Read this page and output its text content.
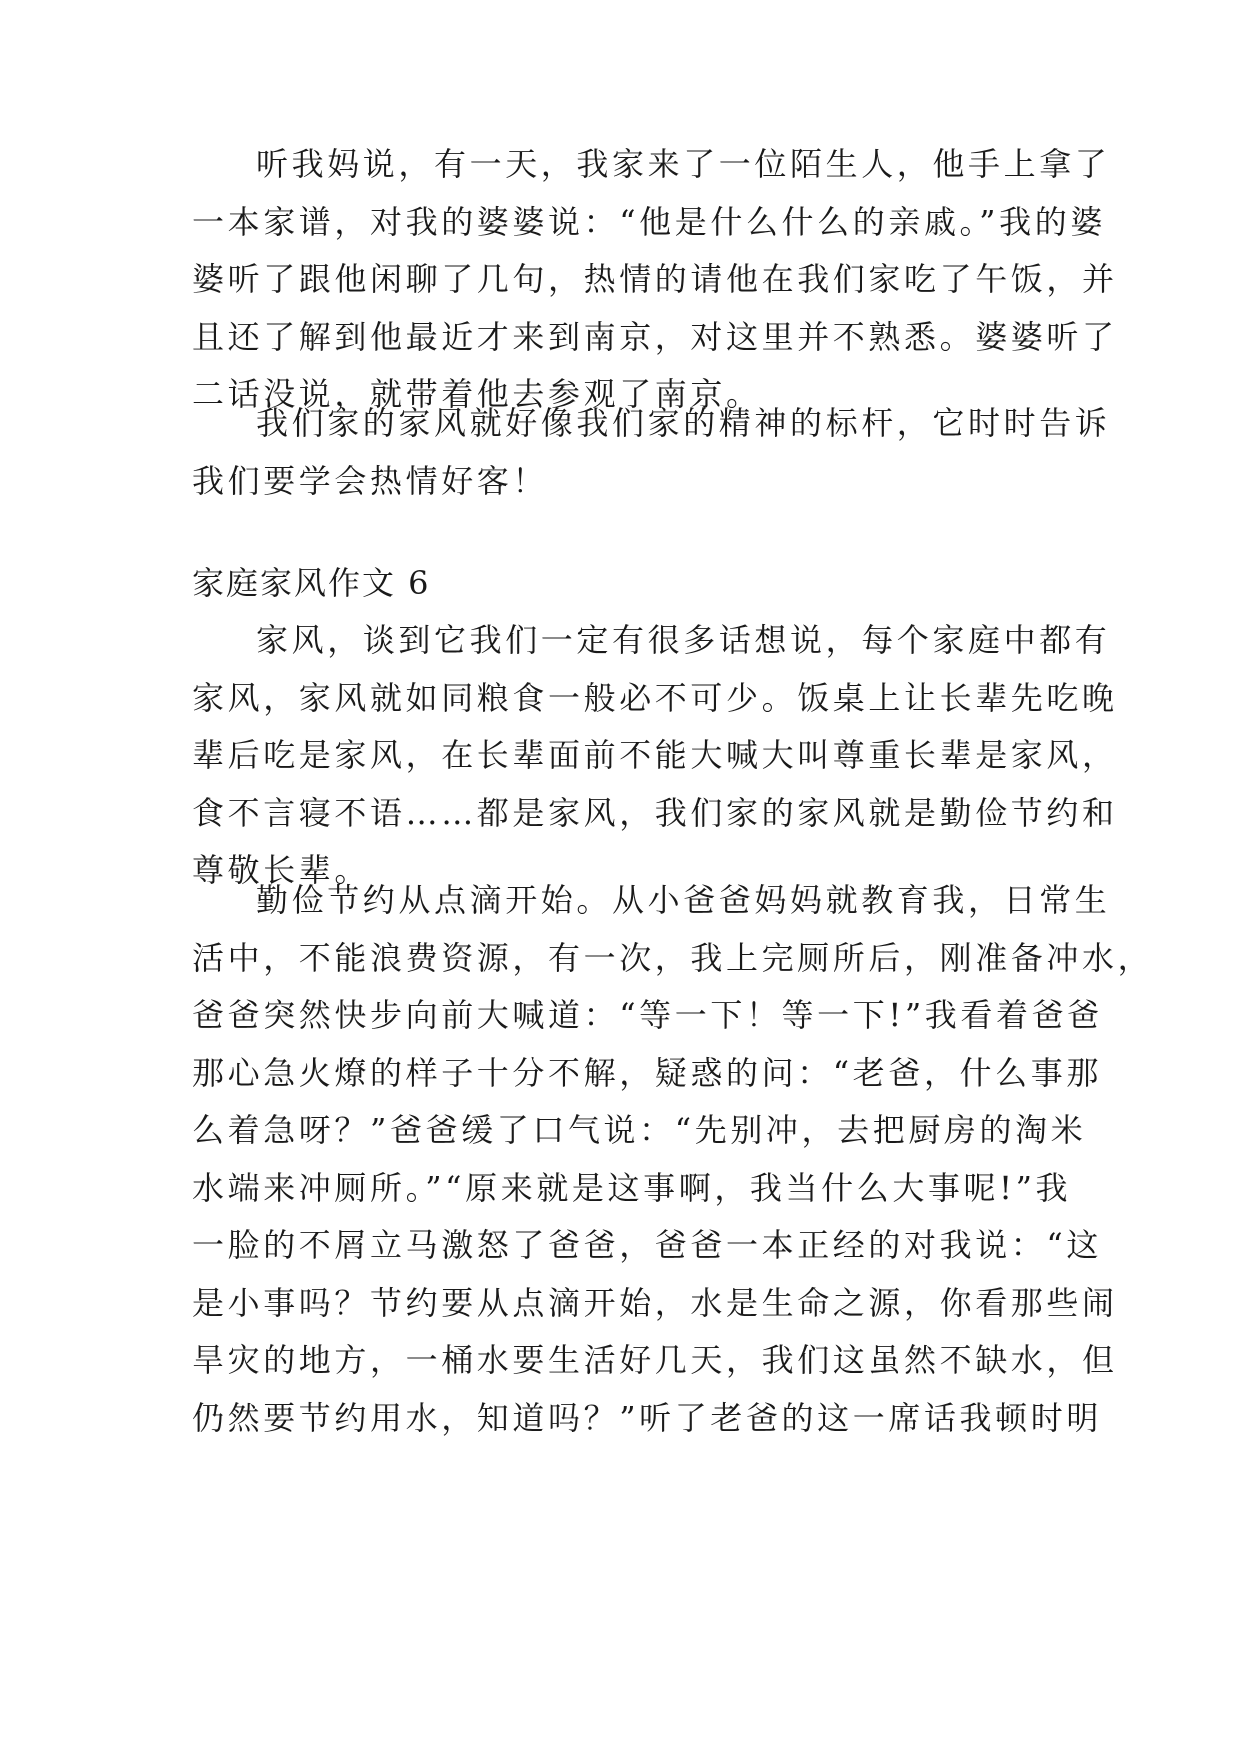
听我妈说，有一天，我家来了一位陌生人，他手上拿了
一本家谱，对我的婆婆说：“他是什么什么的亲戚。”我的婆
婆听了跟他闲聊了几句，热情的请他在我们家吃了午饭，并
且还了解到他最近才来到南京，对这里并不熟悉。婆婆听了
二话没说，就带着他去参观了南京。
我们家的家风就好像我们家的精神的标杆，它时时告诉
我们要学会热情好客！
家庭家风作文 6
家风，谈到它我们一定有很多话想说，每个家庭中都有
家风，家风就如同粮食一般必不可少。饭桌上让长辈先吃晚
辈后吃是家风，在长辈面前不能大喊大叫尊重长辈是家风，
食不言寝不语……都是家风，我们家的家风就是勤俭节约和
尊敬长辈。
勤俭节约从点滴开始。从小爸爸妈妈就教育我，日常生
活中，不能浪费资源，有一次，我上完厕所后，刚准备冲水，
爸爸突然快步向前大喊道：“等一下！等一下!”我看着爸爸
那心急火燎的样子十分不解，疑惑的问：“老爸，什么事那
么着急呀？”爸爸缓了口气说：“先别冲，去把厨房的淘米
水端来冲厕所。”“原来就是这事啊，我当什么大事呢!”我
一脸的不屑立马激怒了爸爸，爸爸一本正经的对我说：“这
是小事吗？节约要从点滴开始，水是生命之源，你看那些闹
旱灾的地方，一桶水要生活好几天，我们这虽然不缺水，但
仍然要节约用水，知道吗？”听了老爸的这一席话我顿时明
